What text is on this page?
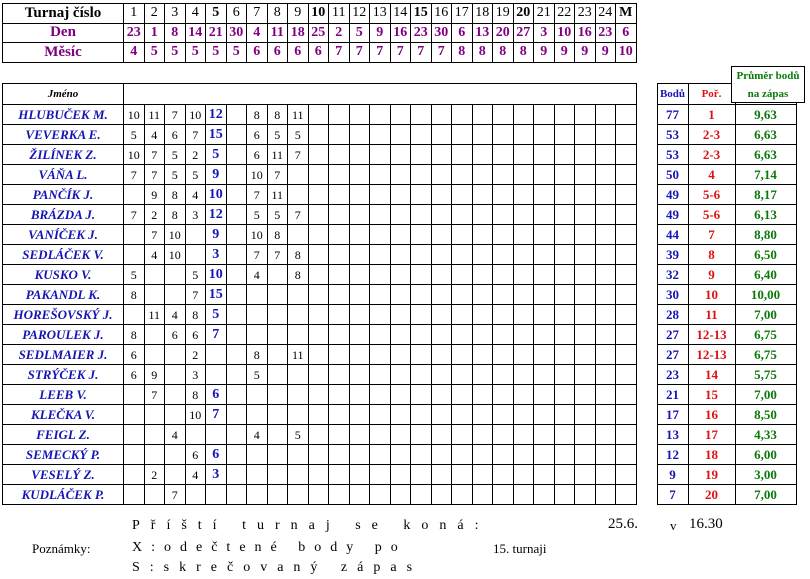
Turnaj číslo	1	2	3	4	5	6	7	8	9	10	11	12	13	14	15	16	17	18	19	20	21	22	23	24	M
Den	23	1	8	14	21	30	4	11	18	25	2	5	9	16	23	30	6	13	20	27	3	10	16	23	6
Měsíc	4	5	5	5	5	5	6	6	6	6	7	7	7	7	7	7	8	8	8	8	9	9	9	9	10
Jméno																											Bodů	Poř.	
HLUBUČEK M.	10	11	7	10	12		8	8	11																		77	1	9,63
VEVERKA E.	5	4	6	7	15		6	5	5																		53	2-3	6,63
ŽILÍNEK Z.	10	7	5	2	5		6	11	7																		53	2-3	6,63
VÁŇA L.	7	7	5	5	9		10	7																			50	4	7,14
PANČÍK J.		9	8	4	10		7	11																			49	5-6	8,17
BRÁZDA J.	7	2	8	3	12		5	5	7																		49	5-6	6,13
VANÍČEK J.		7	10		9		10	8																			44	7	8,80
SEDLÁČEK V.		4	10		3		7	7	8																		39	8	6,50
KUSKO V.	5			5	10		4		8																		32	9	6,40
PAKANDL K.	8			7	15																						30	10	10,00
HOREŠOVSKÝ J.		11	4	8	5																						28	11	7,00
PAROULEK J.	8		6	6	7																						27	12-13	6,75
SEDLMAIER J.	6			2			8		11																		27	12-13	6,75
STRÝČEK J.	6	9		3			5																				23	14	5,75
LEEB V.		7		8	6																						21	15	7,00
KLEČKA V.				10	7																						17	16	8,50
FEIGL Z.			4				4		5																		13	17	4,33
SEMECKÝ P.				6	6																						12	18	6,00
VESELÝ Z.		2		4	3																						9	19	3,00
KUDLÁČEK P.			7																								7	20	7,00
Průměr bodů
na zápas
Příští turnaj se koná:	25.6. v 16.30
Poznámky:	X:odečtené body po	15. turnaji
S:skrečovaný zápas
